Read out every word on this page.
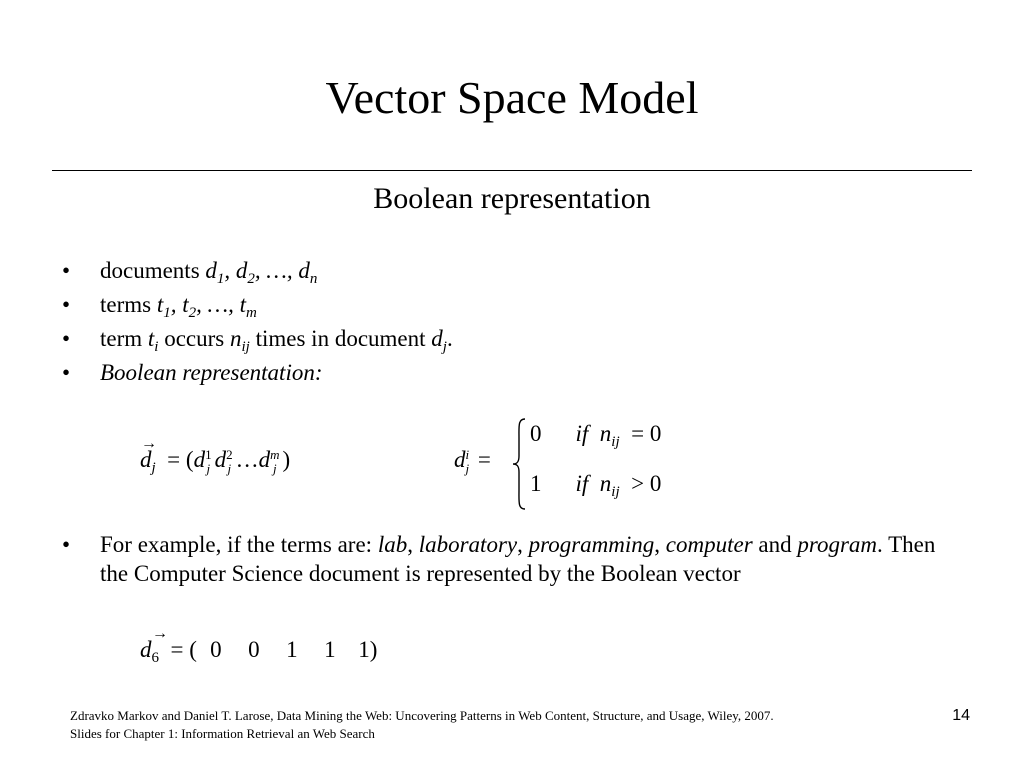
Vector Space Model
Boolean representation
• documents $d_1$, $d_2$, …, $d_n$
• terms $t_1$, $t_2$, …, $t_m$
• term $t_i$ occurs $n_{ij}$ times in document $d_j$.
• Boolean representation:
d
→
$_j$  = (d 1
j d 2
j …d m
j )	d i
j =
0 if $n_{ij} = 0$
1 if $n_{ij} > 0$
• For example, if the terms are: lab, laboratory, programming, computer and program. Then the Computer Science document is represented by the Boolean vector
d
→
$_6$  = ( 0 0 1 1 1)
Zdravko Markov and Daniel T. Larose, Data Mining the Web: Uncovering Patterns in Web Content, Structure, and Usage, Wiley, 2007.
Slides for Chapter 1: Information Retrieval an Web Search
14
